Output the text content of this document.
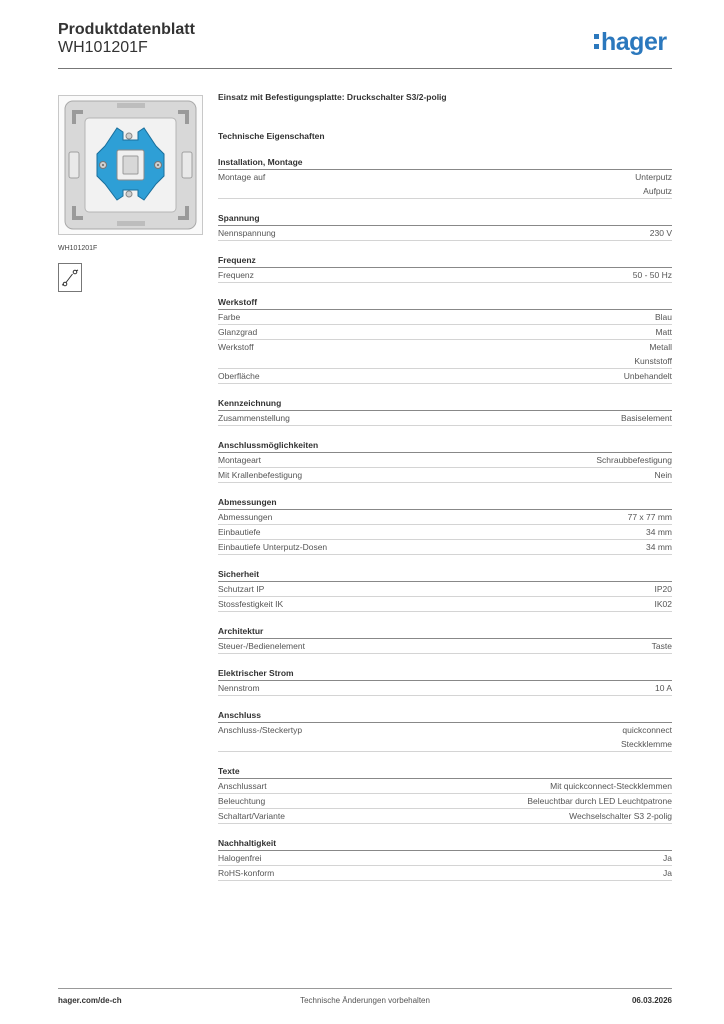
Produktdatenblatt
WH101201F	hager
WH101201F
Einsatz mit Befestigungsplatte: Druckschalter S3/2-polig
Technische Eigenschaften
Installation, Montage
Montage auf	Unterputz
Aufputz
Spannung
Nennspannung	230 V
Frequenz
Frequenz	50 - 50 Hz
Werkstoff
Farbe	Blau
Glanzgrad	Matt
Werkstoff	Metall
Kunststoff
Oberfläche	Unbehandelt
Kennzeichnung
Zusammenstellung	Basiselement
Anschlussmöglichkeiten
Montageart	Schraubbefestigung
Mit Krallenbefestigung	Nein
Abmessungen
Abmessungen	77 x 77 mm
Einbautiefe	34 mm
Einbautiefe Unterputz-Dosen	34 mm
Sicherheit
Schutzart IP	IP20
Stossfestigkeit IK	IK02
Architektur
Steuer-/Bedienelement	Taste
Elektrischer Strom
Nennstrom	10 A
Anschluss
Anschluss-/Steckertyp	quickconnect
Steckklemme
Texte
Anschlussart	Mit quickconnect-Steckklemmen
Beleuchtung	Beleuchtbar durch LED Leuchtpatrone
Schaltart/Variante	Wechselschalter S3 2-polig
Nachhaltigkeit
Halogenfrei	Ja
RoHS-konform	Ja
hager.com/de-ch	Technische Änderungen vorbehalten	06.03.2026
